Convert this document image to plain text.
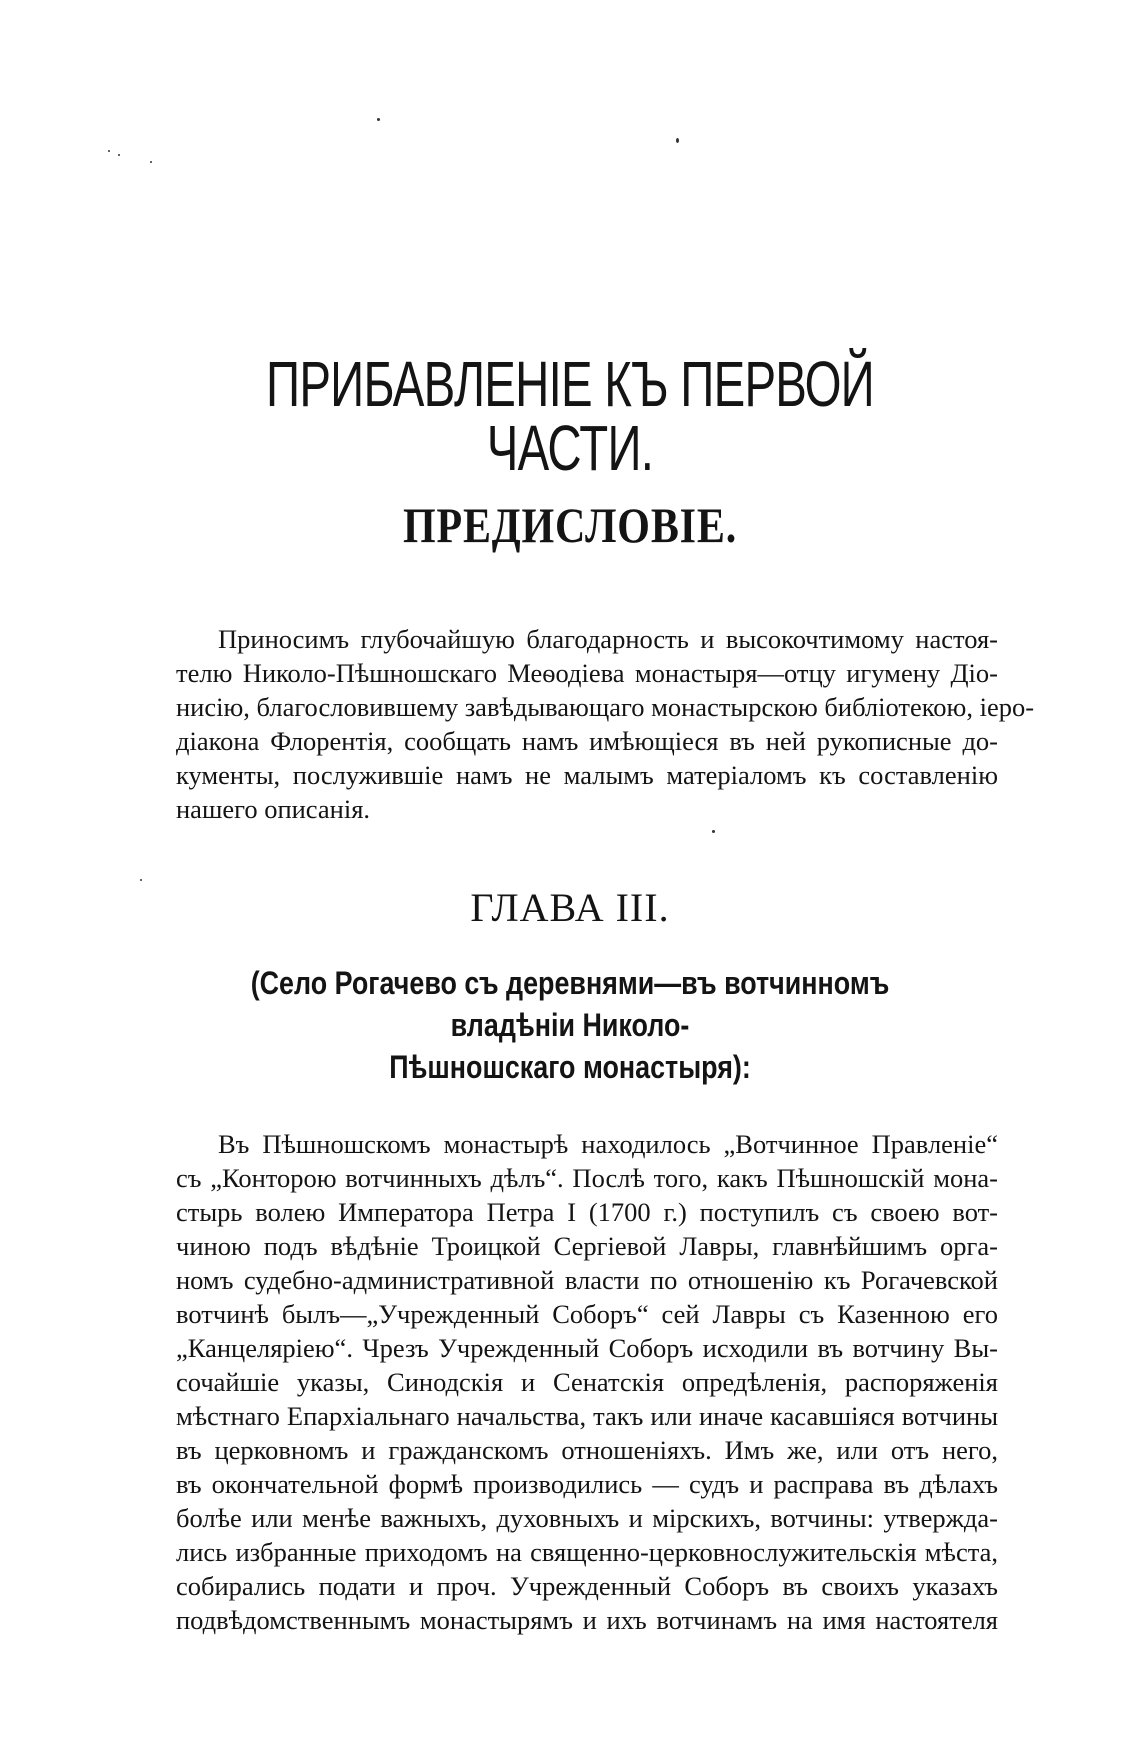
ПРИБАВЛЕНІЕ КЪ ПЕРВОЙ ЧАСТИ.
ПРЕДИСЛОВІЕ.
Приносимъ глубочайшую благодарность и высокочтимому настоя-
телю Николо-Пѣшношскаго Меѳодіева монастыря—отцу игумену Діо-
нисію, благословившему завѣдывающаго монастырскою библіотекою, іеро-
діакона Флорентія, сообщать намъ имѣющіеся въ ней рукописные до-
кументы, послужившіе намъ не малымъ матеріаломъ къ составленію
нашего описанія.
ГЛАВА III.
(Село Рогачево съ деревнями—въ вотчинномъ владѣніи Николо-
Пѣшношскаго монастыря):
Въ Пѣшношскомъ монастырѣ находилось „Вотчинное Правленіе“
съ „Конторою вотчинныхъ дѣлъ“. Послѣ того, какъ Пѣшношскій мона-
стырь волею Императора Петра I (1700 г.) поступилъ съ своею вот-
чиною подъ вѣдѣніе Троицкой Сергіевой Лавры, главнѣйшимъ орга-
номъ судебно-административной власти по отношенію къ Рогачевской
вотчинѣ былъ—„Учрежденный Соборъ“ сей Лавры съ Казенною его
„Канцеляріею“. Чрезъ Учрежденный Соборъ исходили въ вотчину Вы-
сочайшіе указы, Синодскія и Сенатскія опредѣленія, распоряженія
мѣстнаго Епархіальнаго начальства, такъ или иначе касавшіяся вотчины
въ церковномъ и гражданскомъ отношеніяхъ. Имъ же, или отъ него,
въ окончательной формѣ производились — судъ и расправа въ дѣлахъ
болѣе или менѣе важныхъ, духовныхъ и мірскихъ, вотчины: утвержда-
лись избранные приходомъ на священно-церковнослужительскія мѣста,
собирались подати и проч. Учрежденный Соборъ въ своихъ указахъ
подвѣдомственнымъ монастырямъ и ихъ вотчинамъ на имя настоятеля
